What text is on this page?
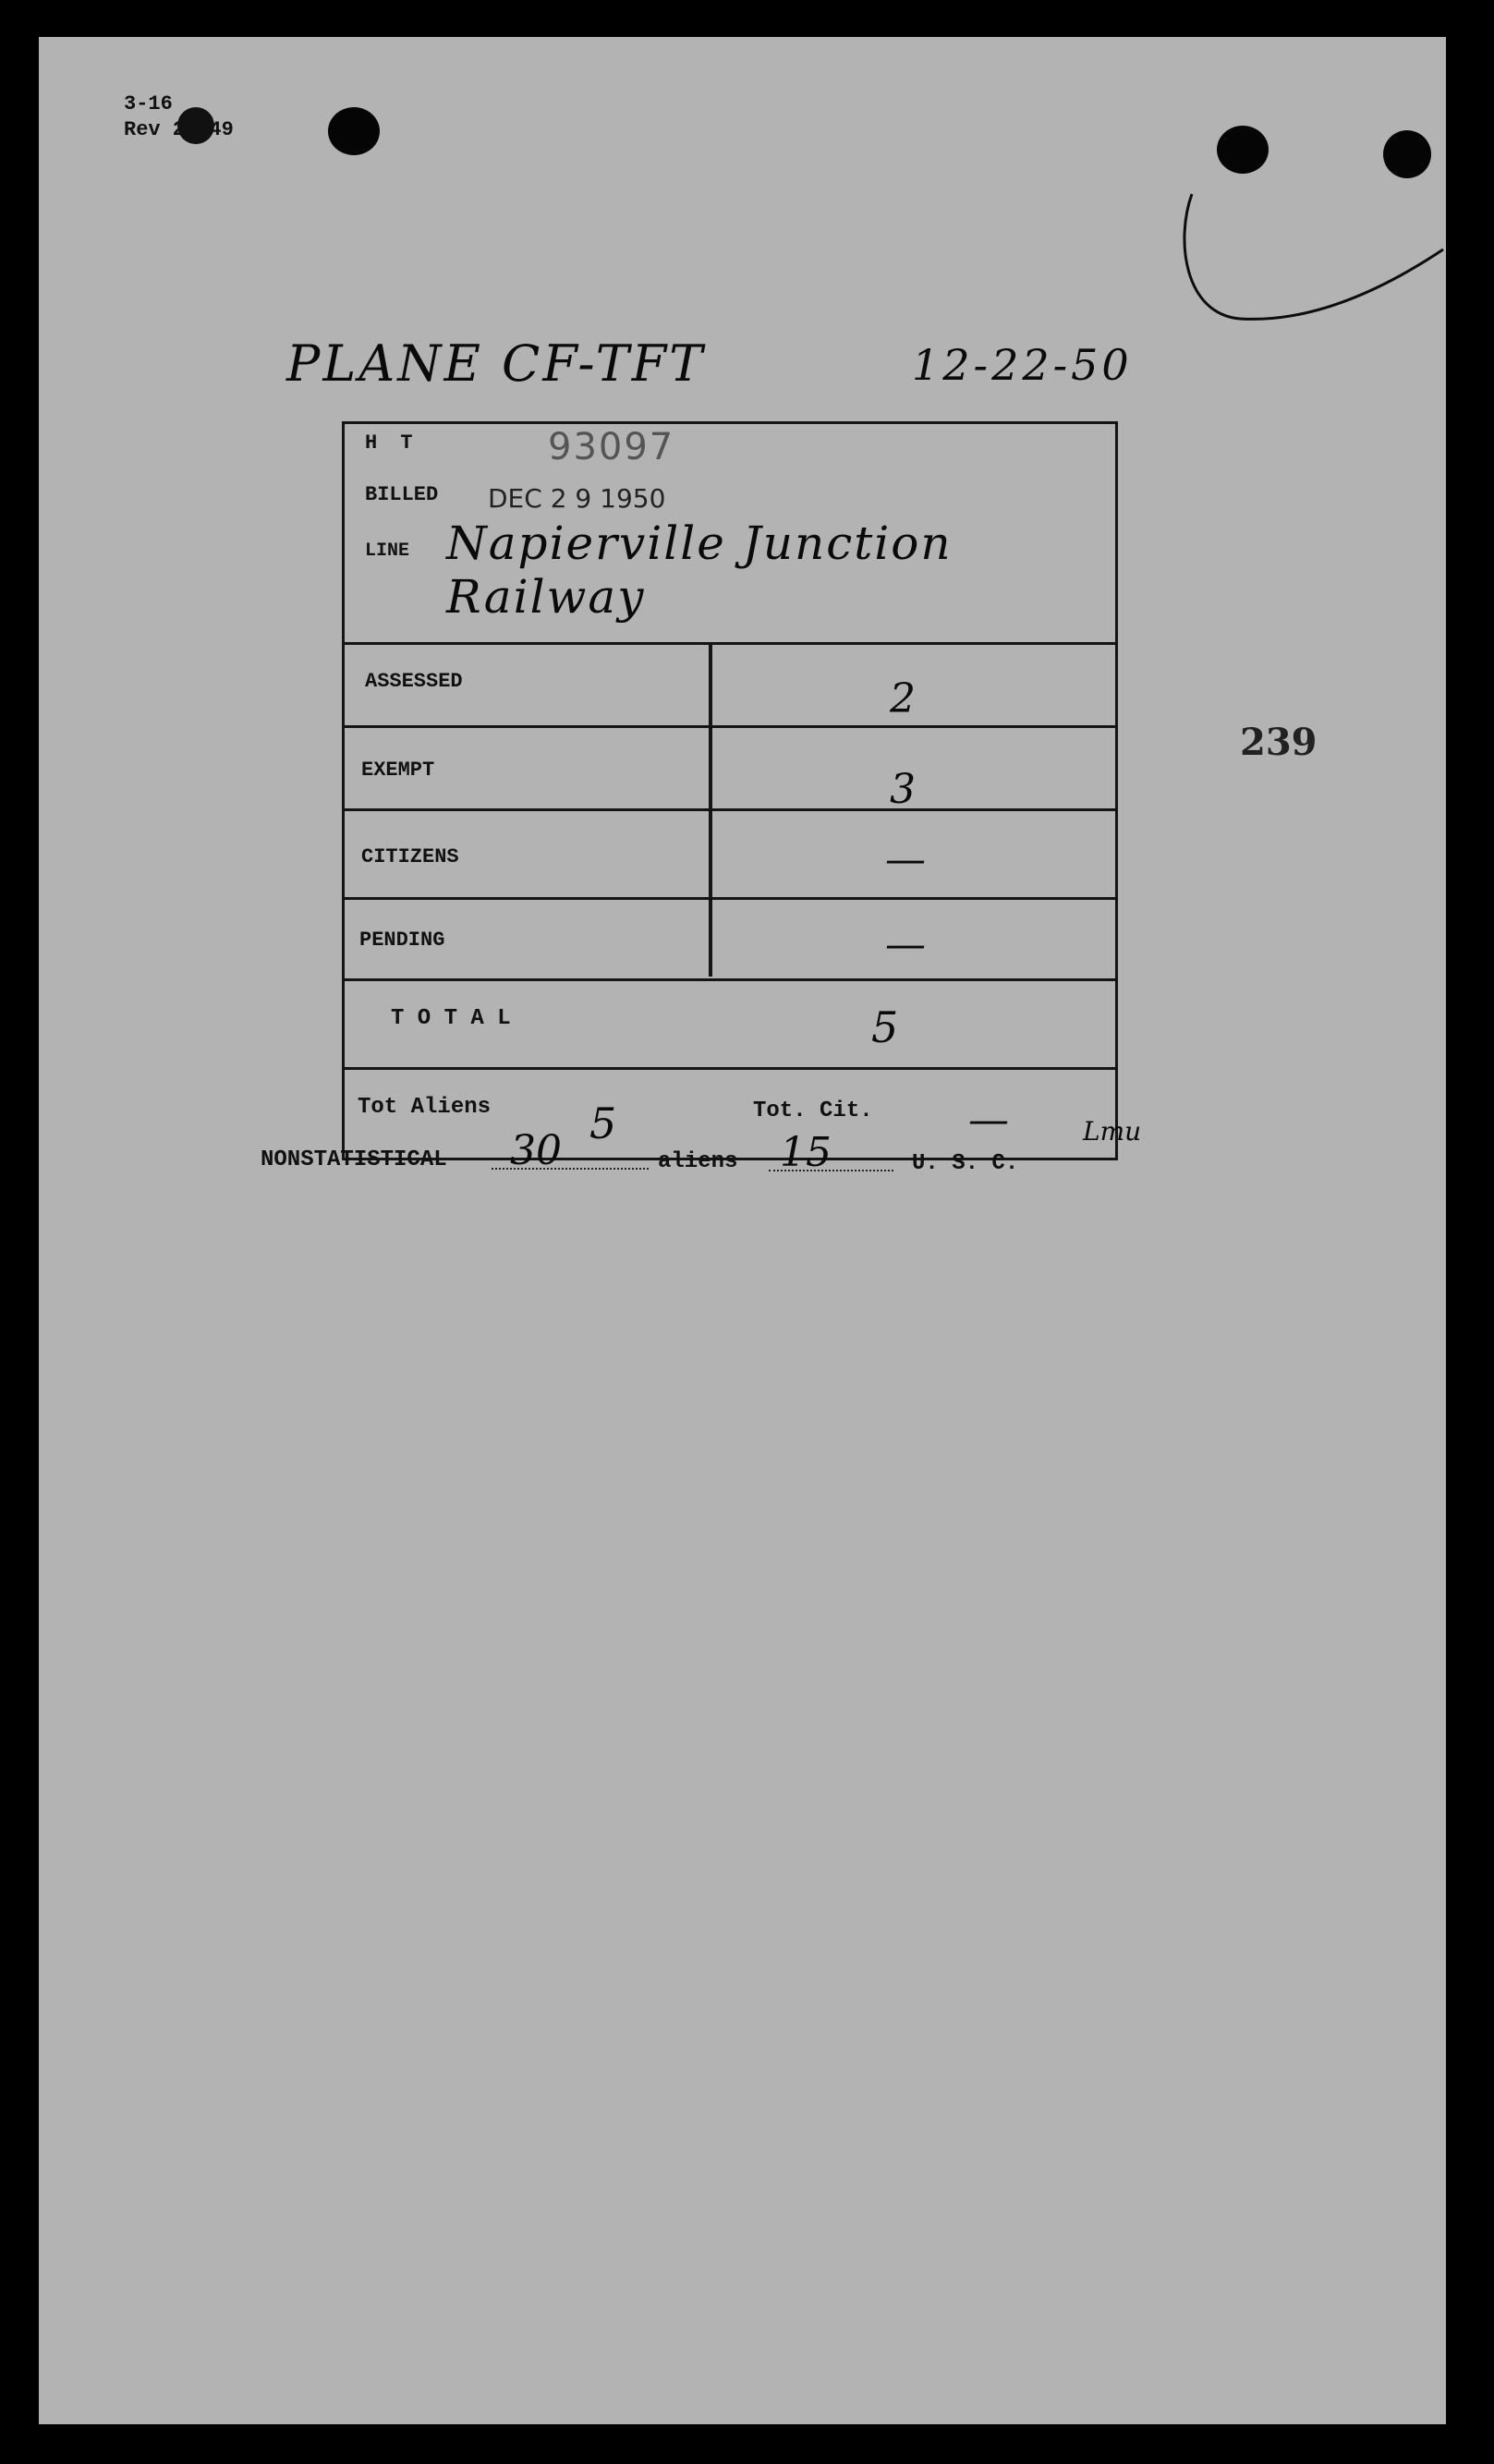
3-16
Rev 28/49
PLANE CF-TFT	12-22-50
239
H T	93097
BILLED DEC 2 9 1950
LINE Napierville Junction Railway
ASSESSED	2
EXEMPT	3
CITIZENS	—
PENDING	—
T O T A L	5
Tot Aliens 5	Tot. Cit. —	Lmu
NONSTATISTICAL 30	aliens 15	U. S. C.
